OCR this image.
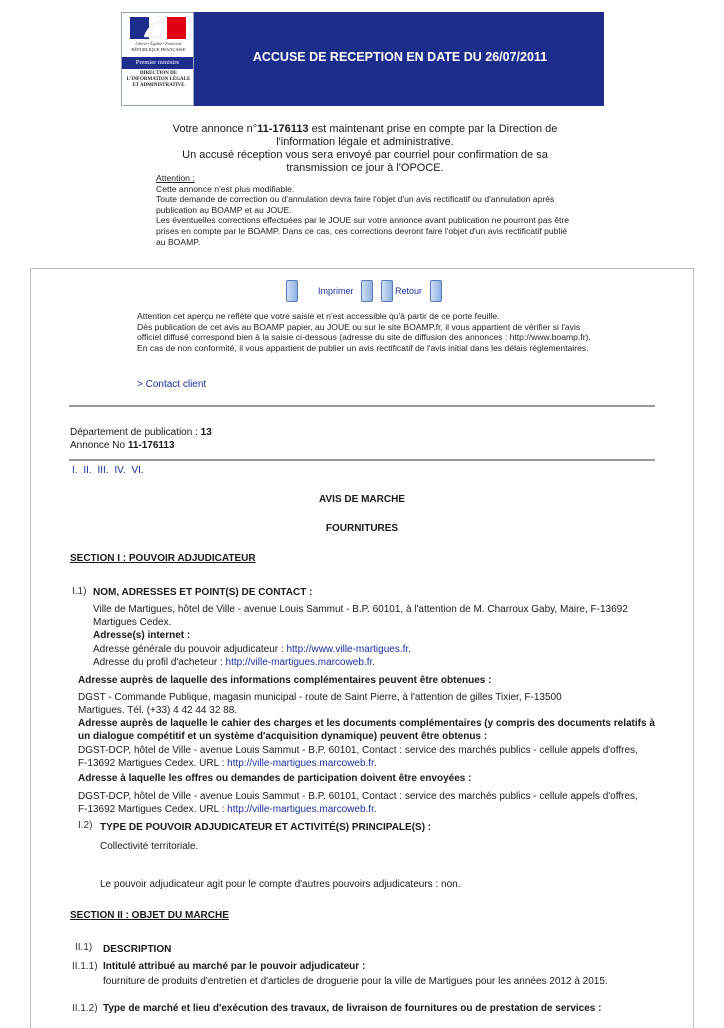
Liberté • Égalité • Fraternité
RÉPUBLIQUE FRANÇAISE
Premier ministre
DIRECTION DE L'INFORMATION LÉGALE ET ADMINISTRATIVE
ACCUSE DE RECEPTION EN DATE DU 26/07/2011
Votre annonce n°11-176113 est maintenant prise en compte par la Direction de l'information légale et administrative.
Un accusé réception vous sera envoyé par courriel pour confirmation de sa transmission ce jour à l'OPOCE.
Attention :
Cette annonce n'est plus modifiable.
Toute demande de correction ou d'annulation devra faire l'objet d'un avis rectificatif ou d'annulation après publication au BOAMP et au JOUE.
Les éventuelles corrections effectuées par le JOUE sur votre annonce avant publication ne pourront pas être prises en compte par le BOAMP. Dans ce cas, ces corrections devront faire l'objet d'un avis rectificatif publié au BOAMP.
Imprimer	Retour
Attention cet aperçu ne reflète que votre saisie et n'est accessible qu'à partir de ce porte feuille.
Dès publication de cet avis au BOAMP papier, au JOUE ou sur le site BOAMP.fr, il vous appartient de vérifier si l'avis officiel diffusé correspond bien à la saisie ci-dessous (adresse du site de diffusion des annonces : http://www.boamp.fr).
En cas de non conformité, il vous appartient de publier un avis rectificatif de l'avis initial dans les délais réglementaires.
> Contact client
Département de publication : 13
Annonce No 11-176113
I. II. III. IV. VI.
AVIS DE MARCHE
FOURNITURES
SECTION I : POUVOIR ADJUDICATEUR
I.1) NOM, ADRESSES ET POINT(S) DE CONTACT :
Ville de Martigues, hôtel de Ville - avenue Louis Sammut - B.P. 60101, à l'attention de M. Charroux Gaby, Maire, F-13692 Martigues Cedex.
Adresse(s) internet :
Adresse générale du pouvoir adjudicateur : http://www.ville-martigues.fr.
Adresse du profil d'acheteur : http://ville-martigues.marcoweb.fr.
Adresse auprès de laquelle des informations complémentaires peuvent être obtenues :
DGST - Commande Publique, magasin municipal - route de Saint Pierre, à l'attention de gilles Tixier, F-13500 Martigues. Tél. (+33) 4 42 44 32 88.
Adresse auprès de laquelle le cahier des charges et les documents complémentaires (y compris des documents relatifs à un dialogue compétitif et un système d'acquisition dynamique) peuvent être obtenus :
DGST-DCP, hôtel de Ville - avenue Louis Sammut - B.P. 60101, Contact : service des marchés publics - cellule appels d'offres, F-13692 Martigues Cedex. URL : http://ville-martigues.marcoweb.fr.
Adresse à laquelle les offres ou demandes de participation doivent être envoyées :
DGST-DCP, hôtel de Ville - avenue Louis Sammut - B.P. 60101, Contact : service des marchés publics - cellule appels d'offres, F-13692 Martigues Cedex. URL : http://ville-martigues.marcoweb.fr.
I.2) TYPE DE POUVOIR ADJUDICATEUR ET ACTIVITÉ(S) PRINCIPALE(S) :
Collectivité territoriale.
Le pouvoir adjudicateur agit pour le compte d'autres pouvoirs adjudicateurs : non.
SECTION II : OBJET DU MARCHE
II.1) DESCRIPTION
II.1.1) Intitulé attribué au marché par le pouvoir adjudicateur :
fourniture de produits d'entretien et d'articles de droguerie pour la ville de Martigues pour les années 2012 à 2015.
II.1.2) Type de marché et lieu d'exécution des travaux, de livraison de fournitures ou de prestation de services :
